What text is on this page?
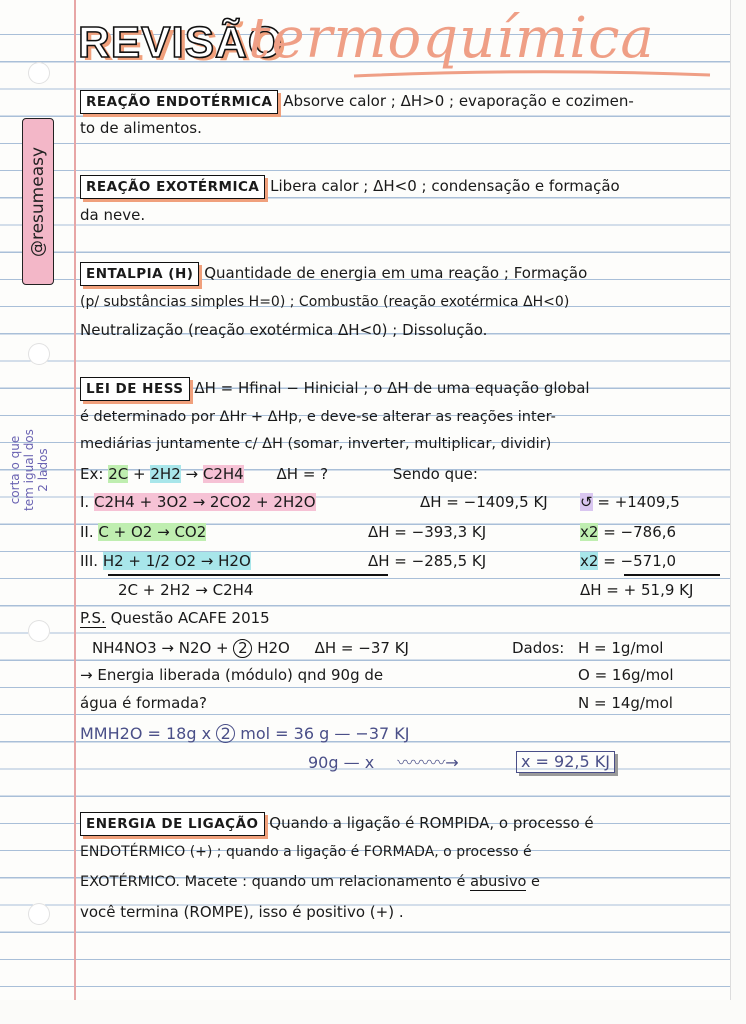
REVISÃO
termoquímica
@resumeasy
corta o que tem igual dos 2 lados
REAÇÃO ENDOTÉRMICA Absorve calor ; ΔH>0 ; evaporação e cozimen-
to de alimentos.
REAÇÃO EXOTÉRMICA Libera calor ; ΔH<0 ; condensação e formação
da neve.
ENTALPIA (H) Quantidade de energia em uma reação ; Formação
(p/ substâncias simples H=0) ; Combustão (reação exotérmica ΔH<0)
Neutralização (reação exotérmica ΔH<0) ; Dissolução.
LEI DE HESS ΔH = Hfinal − Hinicial ; o ΔH de uma equação global
é determinado por ΔHr + ΔHp, e deve-se alterar as reações inter-
mediárias juntamente c/ ΔH (somar, inverter, multiplicar, dividir)
Ex: 2C + 2H2 → C2H4 ΔH = ?	Sendo que:
I. C2H4 + 3O2 → 2CO2 + 2H2O	ΔH = −1409,5 KJ ↺ = +1409,5
II. C + O2 → CO2	ΔH = −393,3 KJ	x2 = −786,6
III. H2 + 1/2 O2 → H2O	ΔH = −285,5 KJ	x2 = −571,0
2C + 2H2 → C2H4	ΔH = + 51,9 KJ
P.S. Questão ACAFE 2015
NH4NO3 → N2O + 2 H2O ΔH = −37 KJ	Dados: H = 1g/mol
O = 16g/mol
N = 14g/mol
→ Energia liberada (módulo) qnd 90g de
água é formada?
MMH2O = 18g x 2 mol = 36 g — −37 KJ
90g — x 〰〰〰→	x = 92,5 KJ
ENERGIA DE LIGAÇÃO Quando a ligação é ROMPIDA, o processo é
ENDOTÉRMICO (+) ; quando a ligação é FORMADA, o processo é
EXOTÉRMICO. Macete : quando um relacionamento é abusivo e
você termina (ROMPE), isso é positivo (+) .
